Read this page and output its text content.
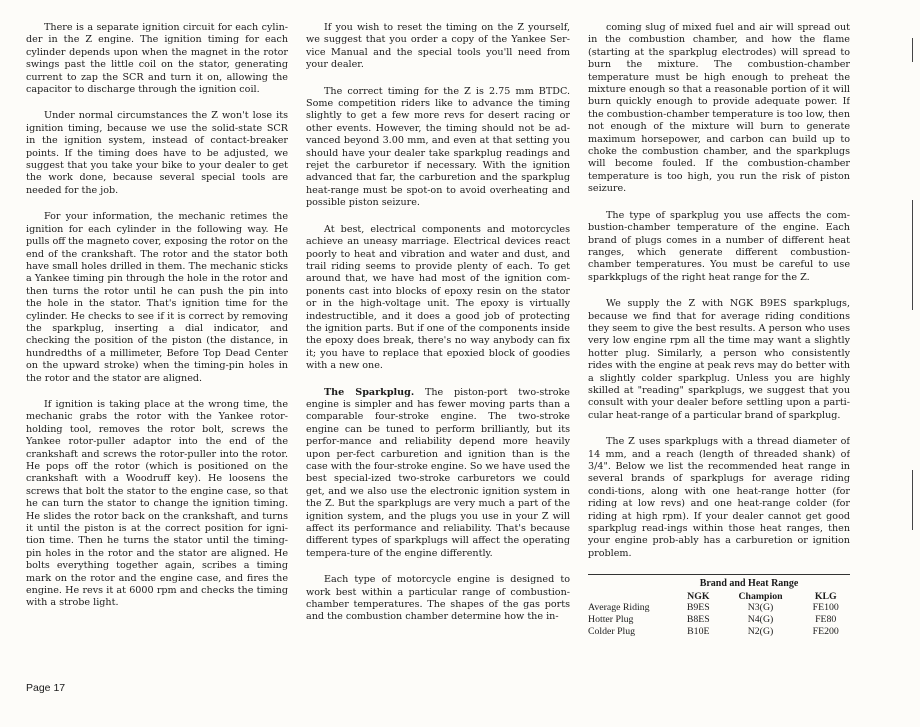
There is a separate ignition circuit for each cylin-der in the Z engine. The ignition timing for each cylinder depends upon when the magnet in the rotor swings past the little coil on the stator, generating current to zap the SCR and turn it on, allowing the capacitor to discharge through the ignition coil.

Under normal circumstances the Z won't lose its ignition timing, because we use the solid-state SCR in the ignition system, instead of contact-breaker points. If the timing does have to be adjusted, we suggest that you take your bike to your dealer to get the work done, because several special tools are needed for the job.

For your information, the mechanic retimes the ignition for each cylinder in the following way. He pulls off the magneto cover, exposing the rotor on the end of the crankshaft. The rotor and the stator both have small holes drilled in them. The mechanic sticks a Yankee timing pin through the hole in the rotor and then turns the rotor until he can push the pin into the hole in the stator. That's ignition time for the cylinder. He checks to see if it is correct by removing the sparkplug, inserting a dial indicator, and checking the position of the piston (the distance, in hundredths of a millimeter, Before Top Dead Center on the upward stroke) when the timing-pin holes in the rotor and the stator are aligned.

If ignition is taking place at the wrong time, the mechanic grabs the rotor with the Yankee rotor-holding tool, removes the rotor bolt, screws the Yankee rotor-puller adaptor into the end of the crankshaft and screws the rotor-puller into the rotor. He pops off the rotor (which is positioned on the crankshaft with a Woodruff key). He loosens the screws that bolt the stator to the engine case, so that he can turn the stator to change the ignition timing. He slides the rotor back on the crankshaft, and turns it until the piston is at the correct position for igni-tion time. Then he turns the stator until the timing-pin holes in the rotor and the stator are aligned. He bolts everything together again, scribes a timing mark on the rotor and the engine case, and fires the engine. He revs it at 6000 rpm and checks the timing with a strobe light.

If you wish to reset the timing on the Z yourself, we suggest that you order a copy of the Yankee Ser-vice Manual and the special tools you'll need from your dealer.

The correct timing for the Z is 2.75 mm BTDC. Some competition riders like to advance the timing slightly to get a few more revs for desert racing or other events. However, the timing should not be ad-vanced beyond 3.00 mm, and even at that setting you should have your dealer take sparkplug readings and rejet the carburetor if necessary. With the ignition advanced that far, the carburetion and the sparkplug heat-range must be spot-on to avoid overheating and possible piston seizure.

At best, electrical components and motorcycles achieve an uneasy marriage. Electrical devices react poorly to heat and vibration and water and dust, and trail riding seems to provide plenty of each. To get around that, we have had most of the ignition com-ponents cast into blocks of epoxy resin on the stator or in the high-voltage unit. The epoxy is virtually indestructible, and it does a good job of protecting the ignition parts. But if one of the components inside the epoxy does break, there's no way anybody can fix it; you have to replace that epoxied block of goodies with a new one.

The Sparkplug. The piston-port two-stroke engine is simpler and has fewer moving parts than a comparable four-stroke engine. The two-stroke engine can be tuned to perform brilliantly, but its perfor-mance and reliability depend more heavily upon per-fect carburetion and ignition than is the case with the four-stroke engine. So we have used the best special-ized two-stroke carburetors we could get, and we also use the electronic ignition system in the Z. But the sparkplugs are very much a part of the ignition system, and the plugs you use in your Z will affect its performance and reliability. That's because different types of sparkplugs will affect the operating tempera-ture of the engine differently.

Each type of motorcycle engine is designed to work best within a particular range of combustion-chamber temperatures. The shapes of the gas ports and the combustion chamber determine how the in-

coming slug of mixed fuel and air will spread out in the combustion chamber, and how the flame (starting at the sparkplug electrodes) will spread to burn the mixture. The combustion-chamber temperature must be high enough to preheat the mixture enough so that a reasonable portion of it will burn quickly enough to provide adequate power. If the combustion-chamber temperature is too low, then not enough of the mixture will burn to generate maximum horsepower, and carbon can build up to choke the combustion chamber, and the sparkplugs will become fouled. If the combustion-chamber temperature is too high, you run the risk of piston seizure.

The type of sparkplug you use affects the com-bustion-chamber temperature of the engine. Each brand of plugs comes in a number of different heat ranges, which generate different combustion-chamber temperatures. You must be careful to use sparkkplugs of the right heat range for the Z.

We supply the Z with NGK B9ES sparkplugs, because we find that for average riding conditions they seem to give the best results. A person who uses very low engine rpm all the time may want a slightly hotter plug. Similarly, a person who consistently rides with the engine at peak revs may do better with a slightly colder sparkplug. Unless you are highly skilled at "reading" sparkplugs, we suggest that you consult with your dealer before settling upon a parti-cular heat-range of a particular brand of sparkplug.

The Z uses sparkplugs with a thread diameter of 14 mm, and a reach (length of threaded shank) of 3/4". Below we list the recommended heat range in several brands of sparkplugs for average riding condi-tions, along with one heat-range hotter (for riding at low revs) and one heat-range colder (for riding at high rpm). If your dealer cannot get good sparkplug read-ings within those heat ranges, then your engine prob-ably has a carburetion or ignition problem.

Brand and Heat Range
	NGK	Champion	KLG
Average Riding	B9ES	N3(G)	FE100
Hotter Plug	B8ES	N4(G)	FE80
Colder Plug	B10E	N2(G)	FE200
Page 17
